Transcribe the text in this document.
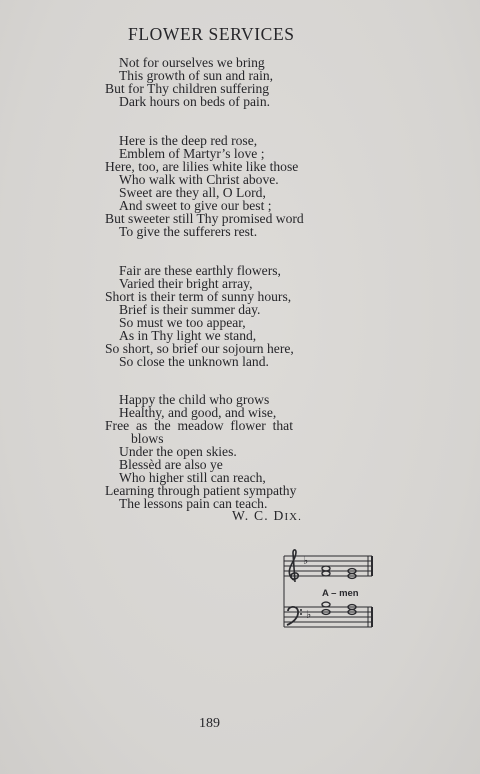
FLOWER SERVICES
Not for ourselves we bring
This growth of sun and rain,
But for Thy children suffering
Dark hours on beds of pain.
Here is the deep red rose,
Emblem of Martyr’s love ;
Here, too, are lilies white like those
Who walk with Christ above.
Sweet are they all, O Lord,
And sweet to give our best ;
But sweeter still Thy promised word
To give the sufferers rest.
Fair are these earthly flowers,
Varied their bright array,
Short is their term of sunny hours,
Brief is their summer day.
So must we too appear,
As in Thy light we stand,
So short, so brief our sojourn here,
So close the unknown land.
Happy the child who grows
Healthy, and good, and wise,
Free  as  the  meadow  flower  that
blows
Under the open skies.
Blessèd are also ye
Who higher still can reach,
Learning through patient sympathy
The lessons pain can teach.
W. C. DIX.
♭
♭
A – men
189
